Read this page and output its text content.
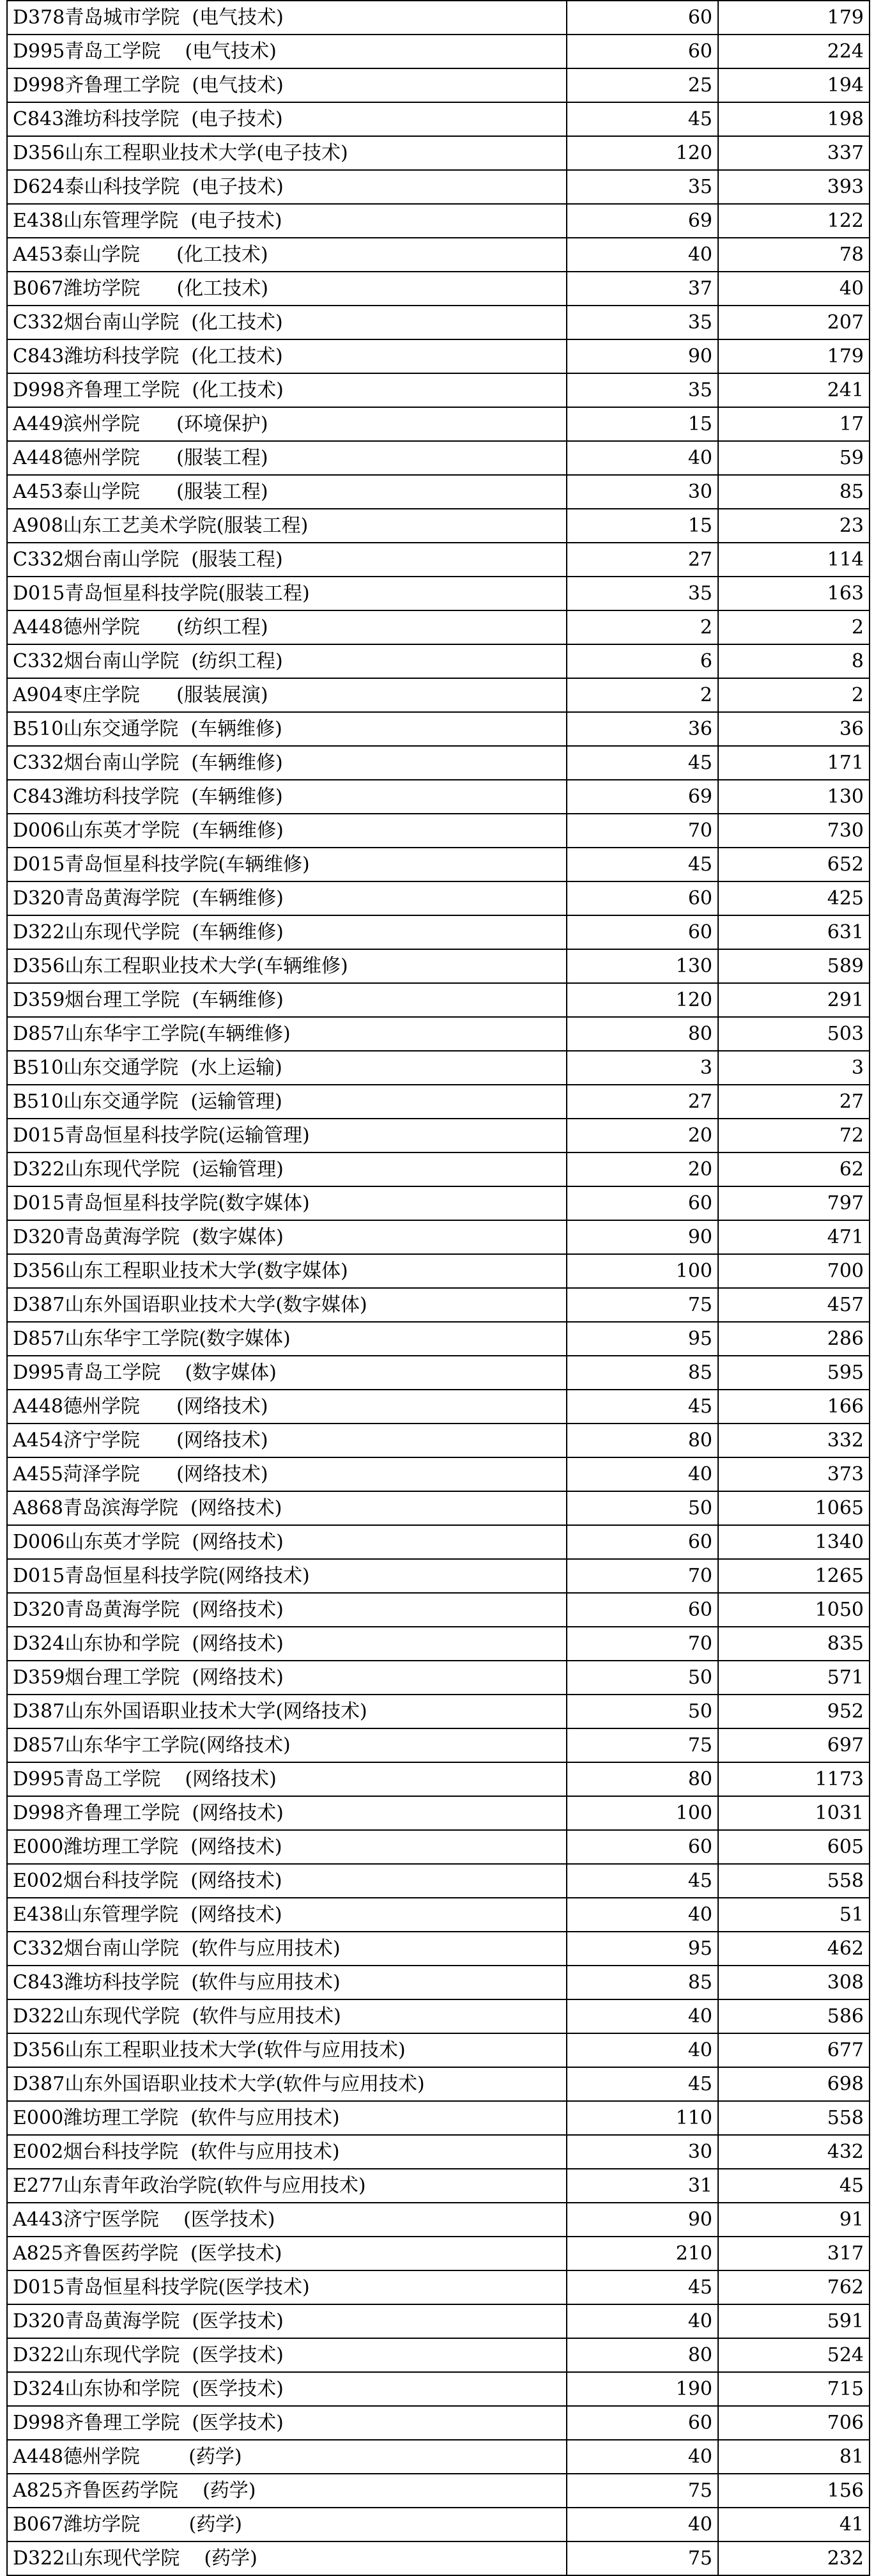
D378青岛城市学院  (电气技术)	60	179
D995青岛工学院    (电气技术)	60	224
D998齐鲁理工学院  (电气技术)	25	194
C843潍坊科技学院  (电子技术)	45	198
D356山东工程职业技术大学(电子技术)	120	337
D624泰山科技学院  (电子技术)	35	393
E438山东管理学院  (电子技术)	69	122
A453泰山学院      (化工技术)	40	78
B067潍坊学院      (化工技术)	37	40
C332烟台南山学院  (化工技术)	35	207
C843潍坊科技学院  (化工技术)	90	179
D998齐鲁理工学院  (化工技术)	35	241
A449滨州学院      (环境保护)	15	17
A448德州学院      (服装工程)	40	59
A453泰山学院      (服装工程)	30	85
A908山东工艺美术学院(服装工程)	15	23
C332烟台南山学院  (服装工程)	27	114
D015青岛恒星科技学院(服装工程)	35	163
A448德州学院      (纺织工程)	2	2
C332烟台南山学院  (纺织工程)	6	8
A904枣庄学院      (服装展演)	2	2
B510山东交通学院  (车辆维修)	36	36
C332烟台南山学院  (车辆维修)	45	171
C843潍坊科技学院  (车辆维修)	69	130
D006山东英才学院  (车辆维修)	70	730
D015青岛恒星科技学院(车辆维修)	45	652
D320青岛黄海学院  (车辆维修)	60	425
D322山东现代学院  (车辆维修)	60	631
D356山东工程职业技术大学(车辆维修)	130	589
D359烟台理工学院  (车辆维修)	120	291
D857山东华宇工学院(车辆维修)	80	503
B510山东交通学院  (水上运输)	3	3
B510山东交通学院  (运输管理)	27	27
D015青岛恒星科技学院(运输管理)	20	72
D322山东现代学院  (运输管理)	20	62
D015青岛恒星科技学院(数字媒体)	60	797
D320青岛黄海学院  (数字媒体)	90	471
D356山东工程职业技术大学(数字媒体)	100	700
D387山东外国语职业技术大学(数字媒体)	75	457
D857山东华宇工学院(数字媒体)	95	286
D995青岛工学院    (数字媒体)	85	595
A448德州学院      (网络技术)	45	166
A454济宁学院      (网络技术)	80	332
A455菏泽学院      (网络技术)	40	373
A868青岛滨海学院  (网络技术)	50	1065
D006山东英才学院  (网络技术)	60	1340
D015青岛恒星科技学院(网络技术)	70	1265
D320青岛黄海学院  (网络技术)	60	1050
D324山东协和学院  (网络技术)	70	835
D359烟台理工学院  (网络技术)	50	571
D387山东外国语职业技术大学(网络技术)	50	952
D857山东华宇工学院(网络技术)	75	697
D995青岛工学院    (网络技术)	80	1173
D998齐鲁理工学院  (网络技术)	100	1031
E000潍坊理工学院  (网络技术)	60	605
E002烟台科技学院  (网络技术)	45	558
E438山东管理学院  (网络技术)	40	51
C332烟台南山学院  (软件与应用技术)	95	462
C843潍坊科技学院  (软件与应用技术)	85	308
D322山东现代学院  (软件与应用技术)	40	586
D356山东工程职业技术大学(软件与应用技术)	40	677
D387山东外国语职业技术大学(软件与应用技术)	45	698
E000潍坊理工学院  (软件与应用技术)	110	558
E002烟台科技学院  (软件与应用技术)	30	432
E277山东青年政治学院(软件与应用技术)	31	45
A443济宁医学院    (医学技术)	90	91
A825齐鲁医药学院  (医学技术)	210	317
D015青岛恒星科技学院(医学技术)	45	762
D320青岛黄海学院  (医学技术)	40	591
D322山东现代学院  (医学技术)	80	524
D324山东协和学院  (医学技术)	190	715
D998齐鲁理工学院  (医学技术)	60	706
A448德州学院        (药学)	40	81
A825齐鲁医药学院    (药学)	75	156
B067潍坊学院        (药学)	40	41
D322山东现代学院    (药学)	75	232
